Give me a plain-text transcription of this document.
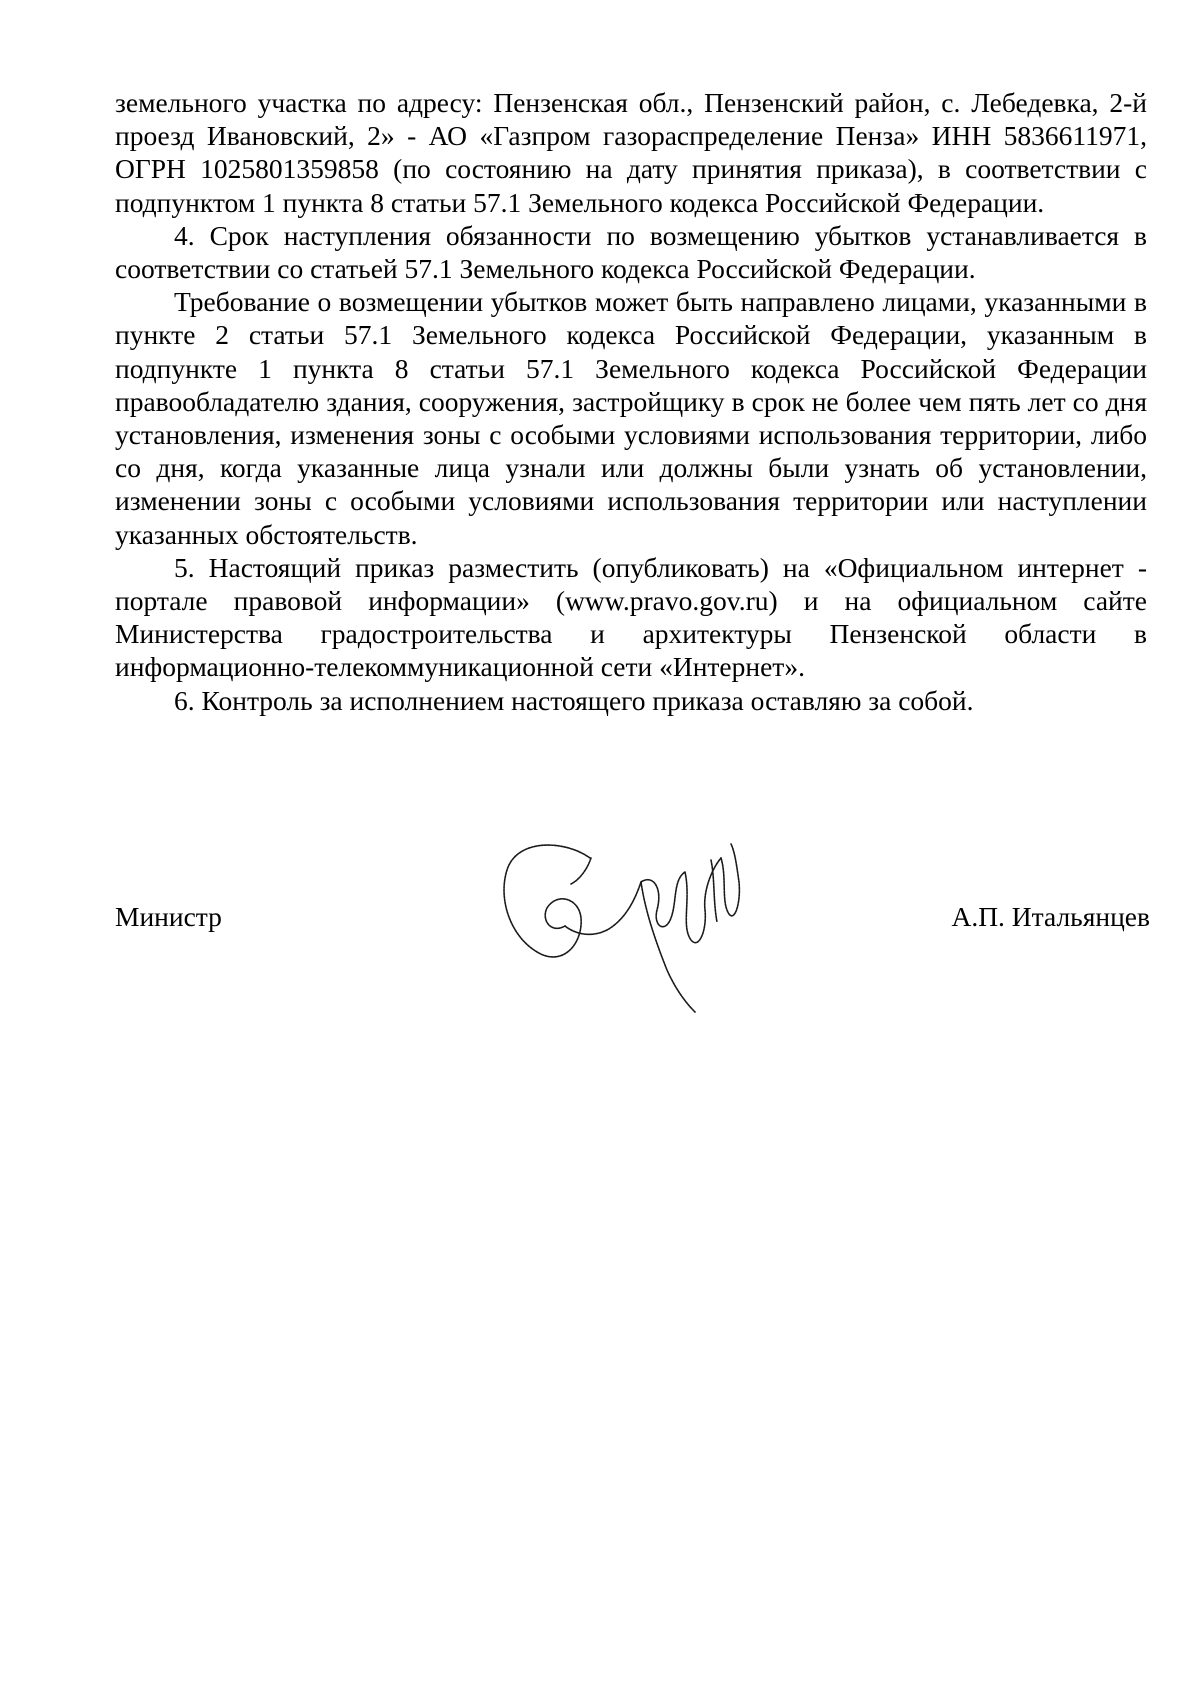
земельного участка по адресу: Пензенская обл., Пензенский район, с. Лебедевка, 2-й проезд Ивановский, 2» - АО «Газпром газораспределение Пенза» ИНН 5836611971, ОГРН 1025801359858 (по состоянию на дату принятия приказа), в соответствии с подпунктом 1 пункта 8 статьи 57.1 Земельного кодекса Российской Федерации.

4. Срок наступления обязанности по возмещению убытков устанавливается в соответствии со статьей 57.1 Земельного кодекса Российской Федерации.

Требование о возмещении убытков может быть направлено лицами, указанными в пункте 2 статьи 57.1 Земельного кодекса Российской Федерации, указанным в подпункте 1 пункта 8 статьи 57.1 Земельного кодекса Российской Федерации правообладателю здания, сооружения, застройщику в срок не более чем пять лет со дня установления, изменения зоны с особыми условиями использования территории, либо со дня, когда указанные лица узнали или должны были узнать об установлении, изменении зоны с особыми условиями использования территории или наступлении указанных обстоятельств.

5. Настоящий приказ разместить (опубликовать) на «Официальном интернет - портале правовой информации» (www.pravo.gov.ru) и на официальном сайте Министерства градостроительства и архитектуры Пензенской области в информационно-телекоммуникационной сети «Интернет».

6. Контроль за исполнением настоящего приказа оставляю за собой.

Министр	А.П. Итальянцев
